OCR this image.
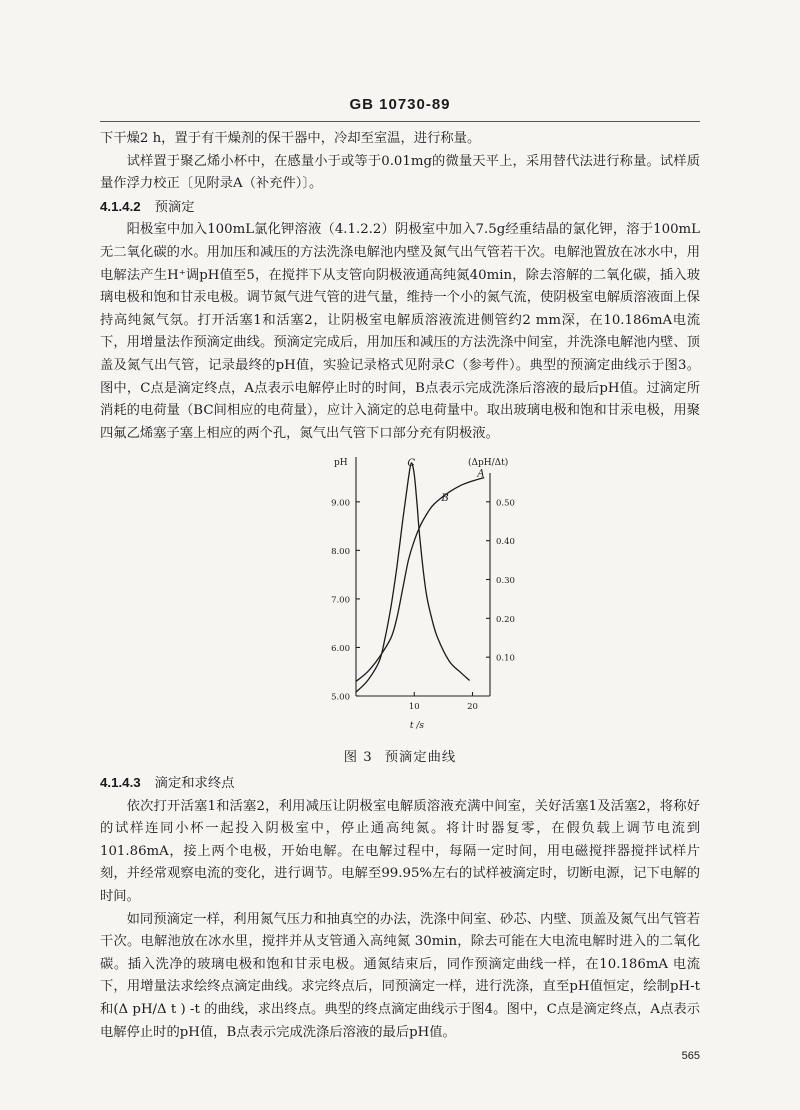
GB 10730-89

下干燥2 h，置于有干燥剂的保干器中，冷却至室温，进行称量。

试样置于聚乙烯小杯中，在感量小于或等于0.01mg的微量天平上，采用替代法进行称量。试样质量作浮力校正〔见附录A（补充件）〕。

4.1.4.2 预滴定

阳极室中加入100mL氯化钾溶液（4.1.2.2）阴极室中加入7.5g经重结晶的氯化钾，溶于100mL无二氧化碳的水。用加压和减压的方法洗涤电解池内壁及氮气出气管若干次。电解池置放在冰水中，用电解法产生H⁺调pH值至5，在搅拌下从支管向阴极液通高纯氮40min，除去溶解的二氧化碳，插入玻璃电极和饱和甘汞电极。调节氮气进气管的进气量，维持一个小的氮气流，使阴极室电解质溶液面上保持高纯氮气氛。打开活塞1和活塞2，让阴极室电解质溶液流进侧管约2 mm深，在10.186mA电流下，用增量法作预滴定曲线。预滴定完成后，用加压和减压的方法洗涤中间室，并洗涤电解池内壁、顶盖及氮气出气管，记录最终的pH值，实验记录格式见附录C（参考件）。典型的预滴定曲线示于图3。图中，C点是滴定终点，A点表示电解停止时的时间，B点表示完成洗涤后溶液的最后pH值。过滴定所消耗的电荷量（BC间相应的电荷量），应计入滴定的总电荷量中。取出玻璃电极和饱和甘汞电极，用聚四氟乙烯塞子塞上相应的两个孔，氮气出气管下口部分充有阴极液。

5.00
6.00
7.00
8.00
9.00
0.10
0.20
0.30
0.40
0.50
10	20
pH	(ΔpH/Δt)
t /s
C
A
B
图 3 预滴定曲线
4.1.4.3 滴定和求终点

依次打开活塞1和活塞2，利用减压让阴极室电解质溶液充满中间室，关好活塞1及活塞2，将称好的试样连同小杯一起投入阴极室中，停止通高纯氮。将计时器复零，在假负载上调节电流到101.86mA，接上两个电极，开始电解。在电解过程中，每隔一定时间，用电磁搅拌器搅拌试样片刻，并经常观察电流的变化，进行调节。电解至99.95%左右的试样被滴定时，切断电源，记下电解的时间。

如同预滴定一样，利用氮气压力和抽真空的办法，洗涤中间室、砂芯、内壁、顶盖及氮气出气管若干次。电解池放在冰水里，搅拌并从支管通入高纯氮 30min，除去可能在大电流电解时进入的二氧化碳。插入洗净的玻璃电极和饱和甘汞电极。通氮结束后，同作预滴定曲线一样，在10.186mA 电流下，用增量法求绘终点滴定曲线。求完终点后，同预滴定一样，进行洗涤，直至pH值恒定，绘制pH-t和(Δ pH/Δ t ) -t 的曲线，求出终点。典型的终点滴定曲线示于图4。图中，C点是滴定终点，A点表示电解停止时的pH值，B点表示完成洗涤后溶液的最后pH值。

565
